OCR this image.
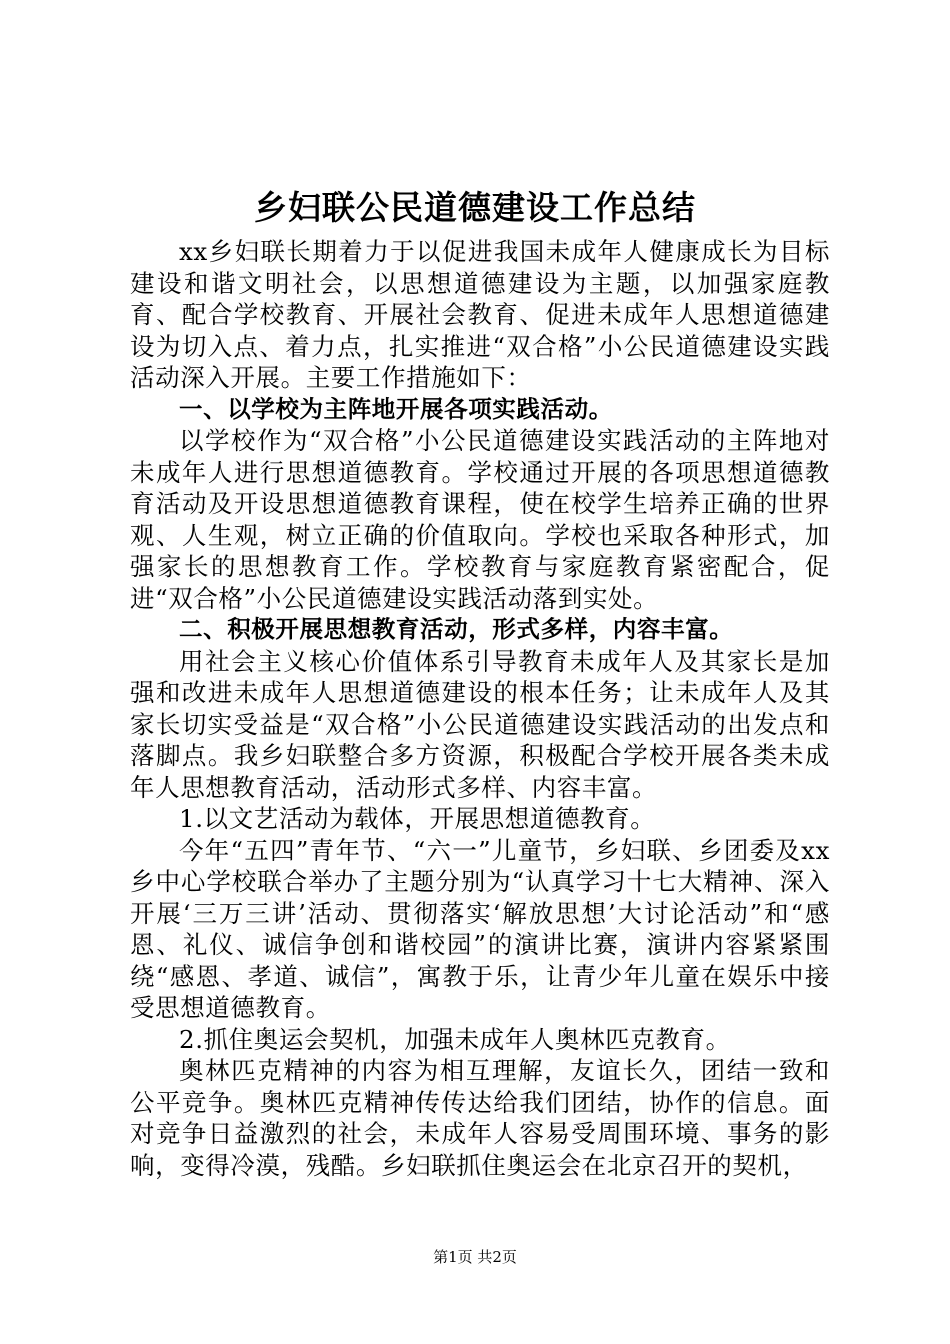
乡妇联公民道德建设工作总结

xx乡妇联长期着力于以促进我国未成年人健康成长为目标建设和谐文明社会，以思想道德建设为主题，以加强家庭教育、配合学校教育、开展社会教育、促进未成年人思想道德建设为切入点、着力点，扎实推进“双合格”小公民道德建设实践活动深入开展。主要工作措施如下：

一、以学校为主阵地开展各项实践活动。

以学校作为“双合格”小公民道德建设实践活动的主阵地对未成年人进行思想道德教育。学校通过开展的各项思想道德教育活动及开设思想道德教育课程，使在校学生培养正确的世界观、人生观，树立正确的价值取向。学校也采取各种形式，加强家长的思想教育工作。学校教育与家庭教育紧密配合，促进“双合格”小公民道德建设实践活动落到实处。

二、积极开展思想教育活动，形式多样，内容丰富。

用社会主义核心价值体系引导教育未成年人及其家长是加强和改进未成年人思想道德建设的根本任务；让未成年人及其家长切实受益是“双合格”小公民道德建设实践活动的出发点和落脚点。我乡妇联整合多方资源，积极配合学校开展各类未成年人思想教育活动，活动形式多样、内容丰富。

1.以文艺活动为载体，开展思想道德教育。

今年“五四”青年节、“六一”儿童节，乡妇联、乡团委及xx乡中心学校联合举办了主题分别为“认真学习十七大精神、深入开展‘三万三讲’活动、贯彻落实‘解放思想’大讨论活动”和“感恩、礼仪、诚信争创和谐校园”的演讲比赛，演讲内容紧紧围绕“感恩、孝道、诚信”，寓教于乐，让青少年儿童在娱乐中接受思想道德教育。

2.抓住奥运会契机，加强未成年人奥林匹克教育。

奥林匹克精神的内容为相互理解，友谊长久，团结一致和公平竞争。奥林匹克精神传传达给我们团结，协作的信息。面对竞争日益激烈的社会，未成年人容易受周围环境、事务的影响，变得冷漠，残酷。乡妇联抓住奥运会在北京召开的契机，

第1页 共2页
